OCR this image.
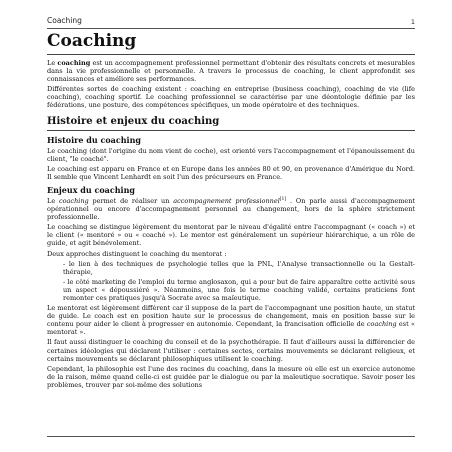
Coaching	1
Coaching

Le coaching est un accompagnement professionnel permettant d'obtenir des résultats concrets et mesurables dans la vie professionnelle et personnelle. A travers le processus de coaching, le client approfondit ses connaissances et améliore ses performances.

Différentes sortes de coaching existent : coaching en entreprise (business coaching), coaching de vie (life coaching), coaching sportif. Le coaching professionnel se caractérise par une déontologie définie par les fédérations, une posture, des compétences spécifiques, un mode opératoire et des techniques.

Histoire et enjeux du coaching
Histoire du coaching

Le coaching (dont l'origine du nom vient de coche), est orienté vers l'accompagnement et l'épanouissement du client, "le coaché".

Le coaching est apparu en France et en Europe dans les années 80 et 90, en provenance d'Amérique du Nord. Il semble que Vincent Lenhardt en soit l'un des précurseurs en France.

Enjeux du coaching

Le coaching permet de réaliser un accompagnement professionnel[1] . On parle aussi d'accompagnement opérationnel ou encore d'accompagnement personnel au changement, hors de la sphère strictement professionnelle.

Le coaching se distingue légèrement du mentorat par le niveau d'égalité entre l'accompagnant (« coach ») et le client (« mentoré » ou « coaché »). Le mentor est généralement un supérieur hiérarchique, a un rôle de guide, et agit bénévolement.

Deux approches distinguent le coaching du mentorat :

- le lien à des techniques de psychologie telles que la PNL, l'Analyse transactionnelle ou la Gestalt-thérapie,

- le côté marketing de l'emploi du terme anglosaxon, qui a pour but de faire apparaître cette activité sous un aspect « dépoussiéré ». Néanmoins, une fois le terme coaching validé, certains praticiens font remonter ces pratiques jusqu'à Socrate avec sa maïeutique.

Le mentorat est légèrement différent car il suppose de la part de l'accompagnant une position haute, un statut de guide. Le coach est en position haute sur le processus de changement, mais en position basse sur le contenu pour aider le client à progresser en autonomie. Cependant, la francisation officielle de coaching est « mentorat ».

Il faut aussi distinguer le coaching du conseil et de la psychothérapie. Il faut d'ailleurs aussi la différencier de certaines idéologies qui déclarent l'utiliser : certaines sectes, certains mouvements se déclarant religieux, et certains mouvements se déclarant philosophiques utilisent le coaching.

Cependant, la philosophie est l'une des racines du coaching, dans la mesure où elle est un exercice autonome de la raison, même quand celle-ci est guidée par le dialogue ou par la maïeutique socratique. Savoir poser les problèmes, trouver par soi-même des solutions
